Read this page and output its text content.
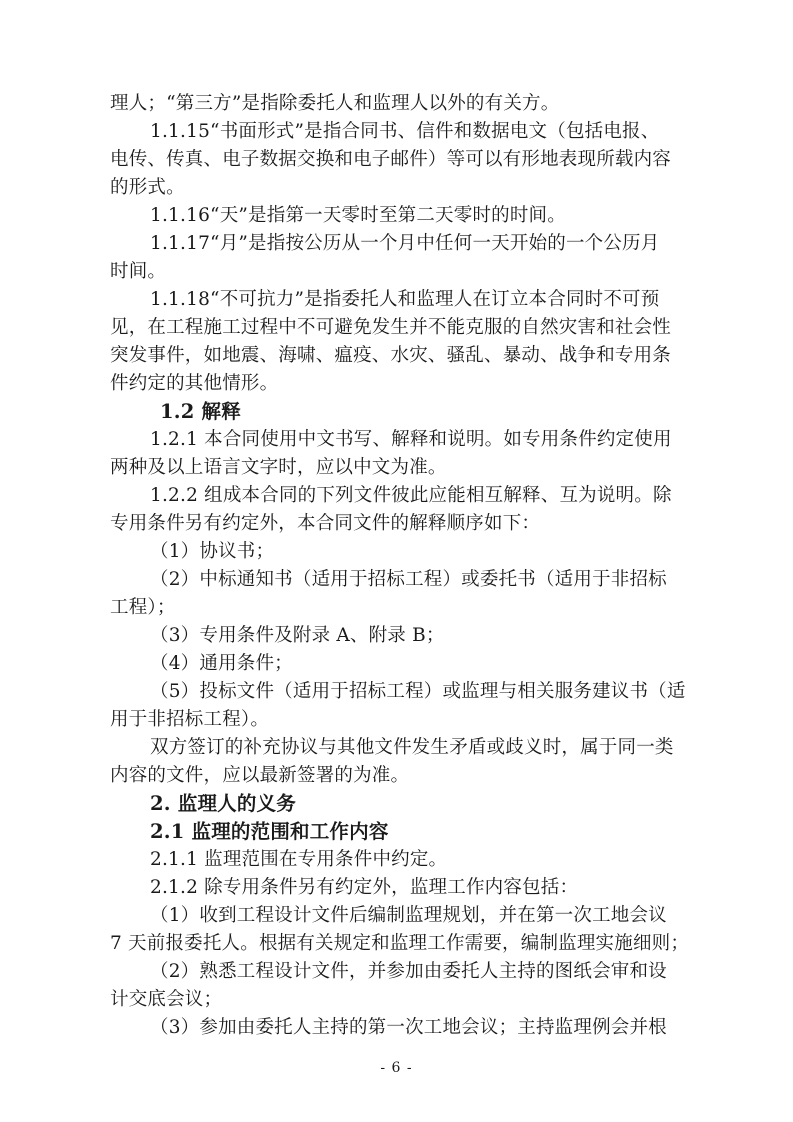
理人；“第三方”是指除委托人和监理人以外的有关方。
1.1.15“书面形式”是指合同书、信件和数据电文（包括电报、
电传、传真、电子数据交换和电子邮件）等可以有形地表现所载内容
的形式。
1.1.16“天”是指第一天零时至第二天零时的时间。
1.1.17“月”是指按公历从一个月中任何一天开始的一个公历月
时间。
1.1.18“不可抗力”是指委托人和监理人在订立本合同时不可预
见，在工程施工过程中不可避免发生并不能克服的自然灾害和社会性
突发事件，如地震、海啸、瘟疫、水灾、骚乱、暴动、战争和专用条
件约定的其他情形。
1.2 解释
1.2.1 本合同使用中文书写、解释和说明。如专用条件约定使用
两种及以上语言文字时，应以中文为准。
1.2.2 组成本合同的下列文件彼此应能相互解释、互为说明。除
专用条件另有约定外，本合同文件的解释顺序如下：
（1）协议书；
（2）中标通知书（适用于招标工程）或委托书（适用于非招标
工程）；
（3）专用条件及附录 A、附录 B；
（4）通用条件；
（5）投标文件（适用于招标工程）或监理与相关服务建议书（适
用于非招标工程）。
双方签订的补充协议与其他文件发生矛盾或歧义时，属于同一类
内容的文件，应以最新签署的为准。
2. 监理人的义务
2.1 监理的范围和工作内容
2.1.1 监理范围在专用条件中约定。
2.1.2 除专用条件另有约定外，监理工作内容包括：
（1）收到工程设计文件后编制监理规划，并在第一次工地会议
7 天前报委托人。根据有关规定和监理工作需要，编制监理实施细则；
（2）熟悉工程设计文件，并参加由委托人主持的图纸会审和设
计交底会议；
（3）参加由委托人主持的第一次工地会议；主持监理例会并根
- 6 -
